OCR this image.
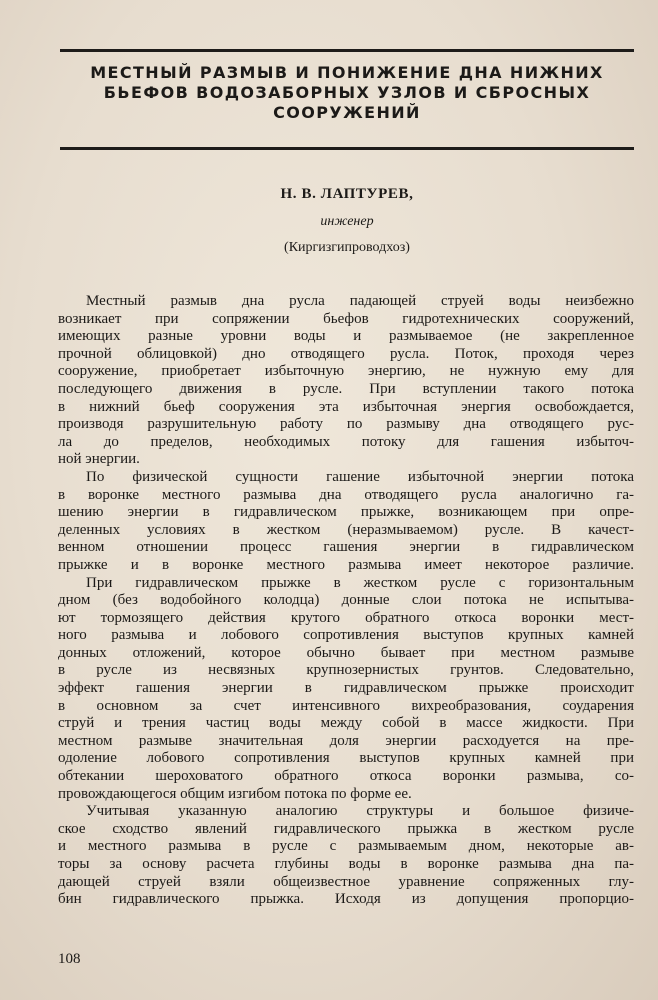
МЕСТНЫЙ РАЗМЫВ И ПОНИЖЕНИЕ ДНА НИЖНИХ
БЬЕФОВ ВОДОЗАБОРНЫХ УЗЛОВ И СБРОСНЫХ
СООРУЖЕНИЙ
Н. В. ЛАПТУРЕВ,
инженер
(Киргизгипроводхоз)

Местный размыв дна русла падающей струей воды неизбежно
возникает при сопряжении бьефов гидротехнических сооружений,
имеющих разные уровни воды и размываемое (не закрепленное
прочной облицовкой) дно отводящего русла. Поток, проходя через
сооружение, приобретает избыточную энергию, не нужную ему для
последующего движения в русле. При вступлении такого потока
в нижний бьеф сооружения эта избыточная энергия освобождается,
производя разрушительную работу по размыву дна отводящего рус-
ла до пределов, необходимых потоку для гашения избыточ-
ной энергии.

По физической сущности гашение избыточной энергии потока
в воронке местного размыва дна отводящего русла аналогично га-
шению энергии в гидравлическом прыжке, возникающем при опре-
деленных условиях в жестком (неразмываемом) русле. В качест-
венном отношении процесс гашения энергии в гидравлическом
прыжке и в воронке местного размыва имеет некоторое различие.

При гидравлическом прыжке в жестком русле с горизонтальным
дном (без водобойного колодца) донные слои потока не испытыва-
ют тормозящего действия крутого обратного откоса воронки мест-
ного размыва и лобового сопротивления выступов крупных камней
донных отложений, которое обычно бывает при местном размыве
в русле из несвязных крупнозернистых грунтов. Следовательно,
эффект гашения энергии в гидравлическом прыжке происходит
в основном за счет интенсивного вихреобразования, соударения
струй и трения частиц воды между собой в массе жидкости. При
местном размыве значительная доля энергии расходуется на пре-
одоление лобового сопротивления выступов крупных камней при
обтекании шероховатого обратного откоса воронки размыва, со-
провождающегося общим изгибом потока по форме ее.

Учитывая указанную аналогию структуры и большое физиче-
ское сходство явлений гидравлического прыжка в жестком русле
и местного размыва в русле с размываемым дном, некоторые ав-
торы за основу расчета глубины воды в воронке размыва дна па-
дающей струей взяли общеизвестное уравнение сопряженных глу-
бин гидравлического прыжка. Исходя из допущения пропорцио-

108
